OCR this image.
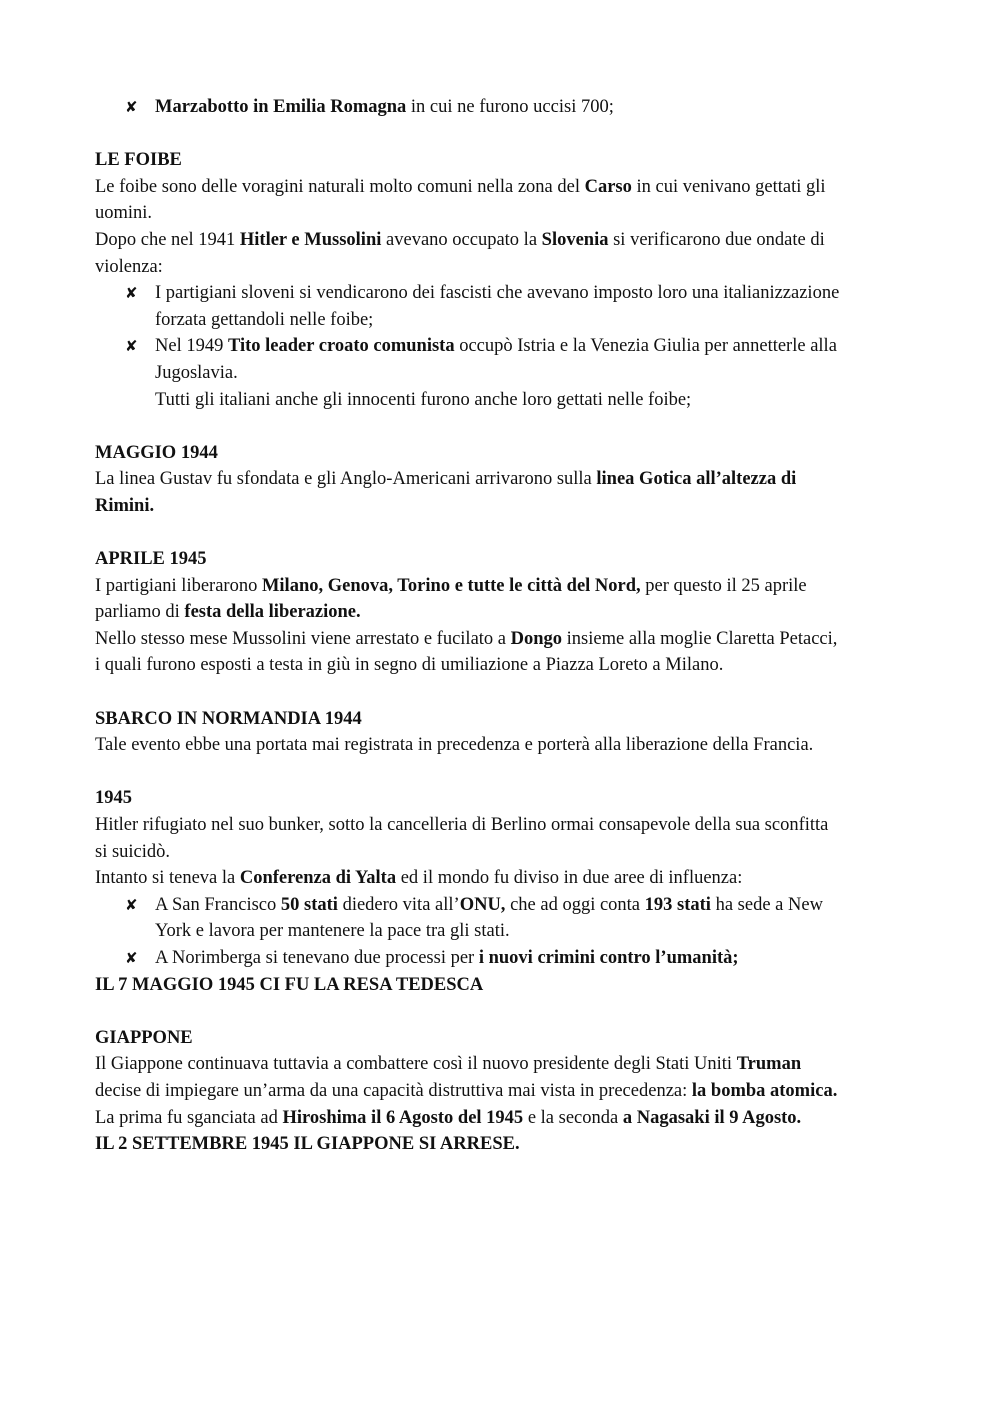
✘ Marzabotto in Emilia Romagna in cui ne furono uccisi 700;
LE FOIBE
Le foibe sono delle voragini naturali molto comuni nella zona del Carso in cui venivano gettati gli
uomini.
Dopo che nel 1941 Hitler e Mussolini avevano occupato la Slovenia si verificarono due ondate di
violenza:
✘ I partigiani sloveni si vendicarono dei fascisti che avevano imposto loro una italianizzazione
forzata gettandoli nelle foibe;
✘ Nel 1949 Tito leader croato comunista occupò Istria e la Venezia Giulia per annetterle alla
Jugoslavia.
Tutti gli italiani anche gli innocenti furono anche loro gettati nelle foibe;
MAGGIO 1944
La linea Gustav fu sfondata e gli Anglo-Americani arrivarono sulla linea Gotica all’altezza di
Rimini.
APRILE 1945
I partigiani liberarono Milano, Genova, Torino e tutte le città del Nord, per questo il 25 aprile
parliamo di festa della liberazione.
Nello stesso mese Mussolini viene arrestato e fucilato a Dongo insieme alla moglie Claretta Petacci,
i quali furono esposti a testa in giù in segno di umiliazione a Piazza Loreto a Milano.
SBARCO IN NORMANDIA 1944
Tale evento ebbe una portata mai registrata in precedenza e porterà alla liberazione della Francia.
1945
Hitler rifugiato nel suo bunker, sotto la cancelleria di Berlino ormai consapevole della sua sconfitta
si suicidò.
Intanto si teneva la Conferenza di Yalta ed il mondo fu diviso in due aree di influenza:
✘ A San Francisco 50 stati diedero vita all’ONU, che ad oggi conta 193 stati ha sede a New
York e lavora per mantenere la pace tra gli stati.
✘ A Norimberga si tenevano due processi per i nuovi crimini contro l’umanità;
IL 7 MAGGIO 1945 CI FU LA RESA TEDESCA
GIAPPONE
Il Giappone continuava tuttavia a combattere così il nuovo presidente degli Stati Uniti Truman
decise di impiegare un’arma da una capacità distruttiva mai vista in precedenza: la bomba atomica.
La prima fu sganciata ad Hiroshima il 6 Agosto del 1945 e la seconda a Nagasaki il 9 Agosto.
IL 2 SETTEMBRE 1945 IL GIAPPONE SI ARRESE.
